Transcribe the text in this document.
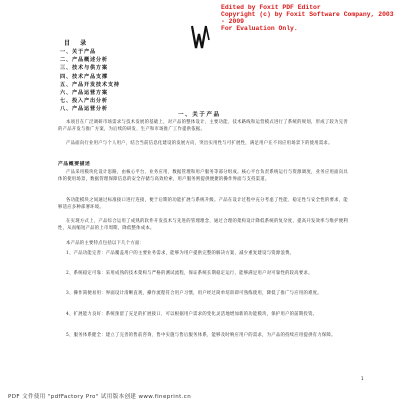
Edited by Foxit PDF Editor
Copyright (c) by Foxit Software Company, 2003 - 2009
For Evaluation Only.
目 录
一、关于产品
二、产品概述分析
三、技术与供方案
四、技术产品支撑
五、产品开发技术支持
六、产品运营方案
七、投入产出分析
八、产品运营分析
一、关于产品
本项目在广泛调研市场需求与技术发展的基础上，对产品的整体设计、主要功能、技术路线和运营模式进行了系统的规划，形成了较为完善的产品开发与推广方案，为后续的研发、生产和市场推广工作提供依据。
产品面向行业用户与个人用户，结合当前信息化建设的发展方向，突出实用性与可扩展性，满足用户在不同应用场景下的使用需求。
产品概要描述
产品采用模块化设计思路，由核心平台、业务应用、数据管理和用户服务等部分组成。核心平台负责系统运行与资源调度，业务应用面向具体的使用场景，数据管理保障信息的安全存储与高效检索，用户服务则提供便捷的操作界面与支持渠道。
各功能模块之间通过标准接口进行连接，便于后期的功能扩展与系统升级。产品在设计过程中充分考虑了性能、稳定性与安全性的要求，能够适应多种部署环境。
在实现方式上，产品综合运用了成熟的软件开发技术与先进的管理理念，通过合理的架构设计降低系统的复杂度，提高开发效率与维护便利性，从而缩短产品的上市周期，降低整体成本。
本产品的主要特点包括以下几个方面：
1、产品功能完善：产品覆盖用户的主要业务需求，能够为用户提供完整的解决方案，减少重复建设与资源浪费。
2、系统稳定可靠：采用成熟的技术架构与严格的测试流程，保证系统长期稳定运行，能够满足用户对可靠性的较高要求。
3、操作简便易用：界面设计清晰直观，操作流程符合用户习惯，用户经过简单培训即可熟练使用，降低了推广与应用的难度。
4、扩展能力良好：系统预留了充足的扩展接口，可以根据用户需求的变化灵活地增加新的功能模块，保护用户的前期投资。
5、服务体系健全：建立了完善的售前咨询、售中实施与售后服务体系，能够及时响应用户的需求，为产品的持续应用提供有力保障。
1
PDF 文件使用 "pdfFactory Pro" 试用版本创建 www.fineprint.cn
